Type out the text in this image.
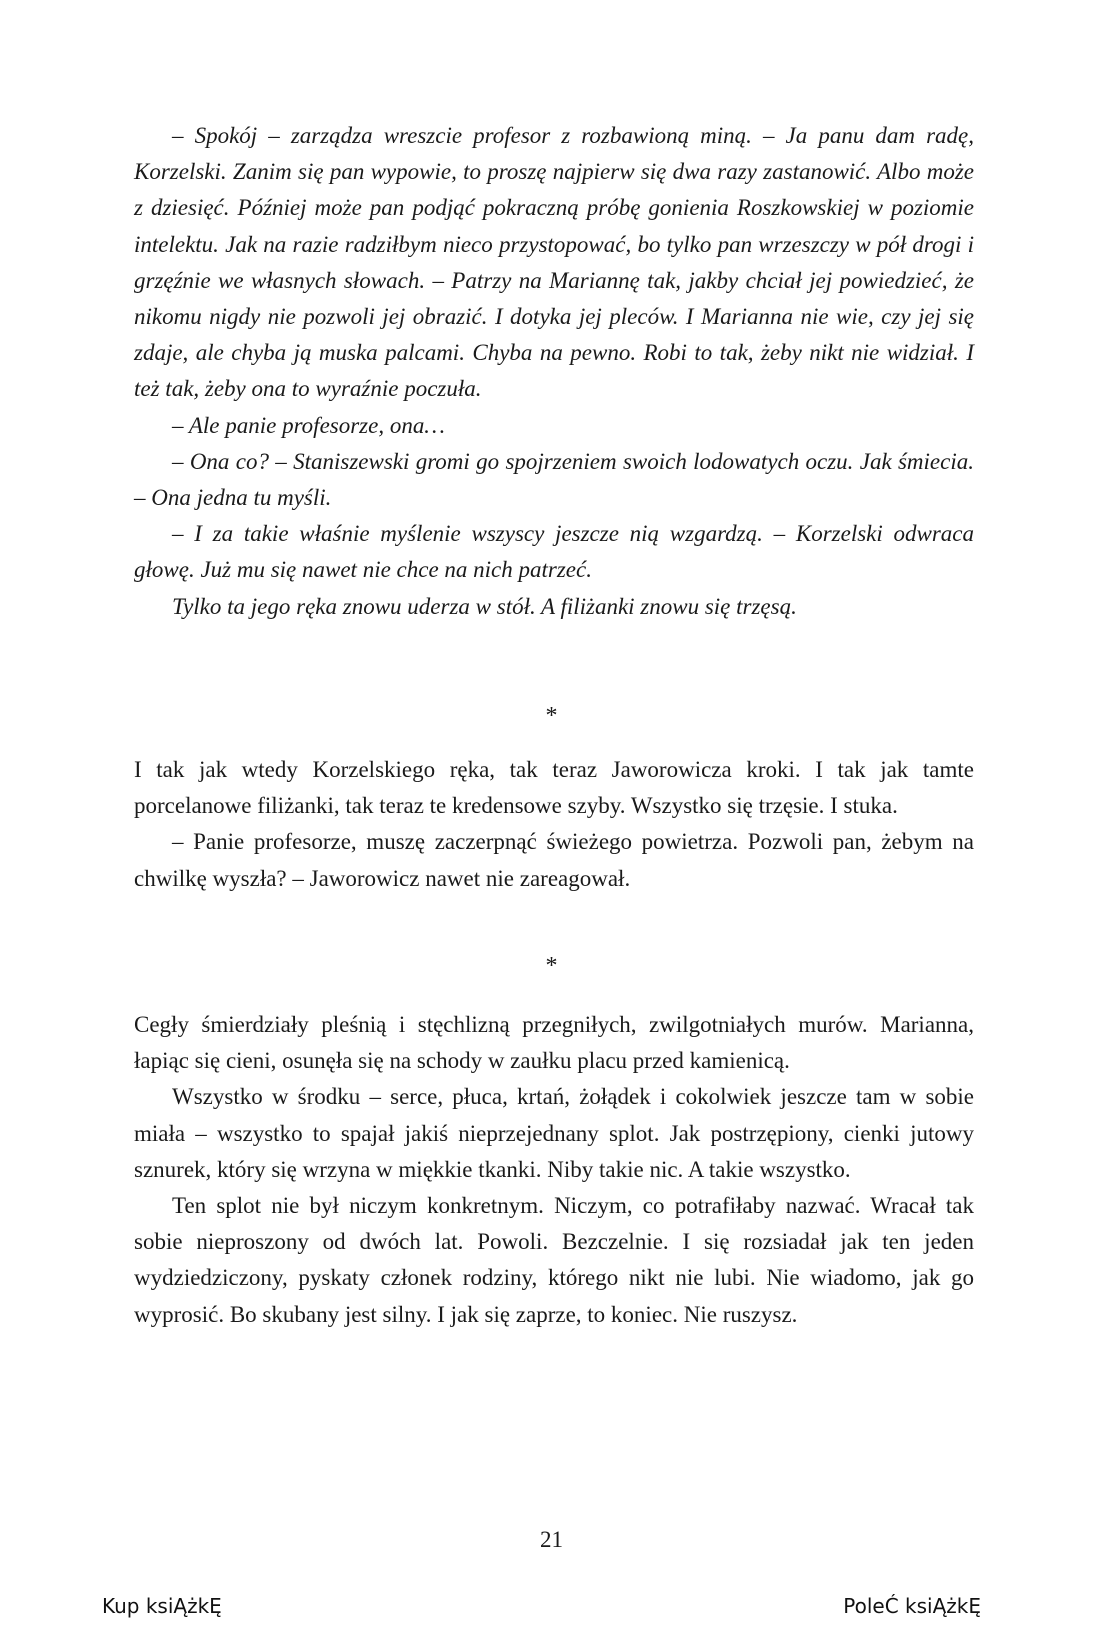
– Spokój – zarządza wreszcie profesor z rozbawioną miną. – Ja panu dam radę, Korzelski. Zanim się pan wypowie, to proszę najpierw się dwa razy zastanowić. Albo może z dziesięć. Później może pan podjąć pokraczną próbę gonienia Roszkowskiej w poziomie intelektu. Jak na razie radziłbym nieco przystopować, bo tylko pan wrzeszczy w pół drogi i grzęźnie we własnych słowach. – Patrzy na Mariannę tak, jakby chciał jej powiedzieć, że nikomu nigdy nie pozwoli jej obrazić. I dotyka jej pleców. I Marianna nie wie, czy jej się zdaje, ale chyba ją muska palcami. Chyba na pewno. Robi to tak, żeby nikt nie widział. I też tak, żeby ona to wyraźnie poczuła.

– Ale panie profesorze, ona…

– Ona co? – Staniszewski gromi go spojrzeniem swoich lodowatych oczu. Jak śmiecia. – Ona jedna tu myśli.

– I za takie właśnie myślenie wszyscy jeszcze nią wzgardzą. – Korzelski odwraca głowę. Już mu się nawet nie chce na nich patrzeć.

Tylko ta jego ręka znowu uderza w stół. A filiżanki znowu się trzęsą.

*

I tak jak wtedy Korzelskiego ręka, tak teraz Jaworowicza kroki. I tak jak tamte porcelanowe filiżanki, tak teraz te kredensowe szyby. Wszystko się trzęsie. I stuka.

– Panie profesorze, muszę zaczerpnąć świeżego powietrza. Pozwoli pan, żebym na chwilkę wyszła? – Jaworowicz nawet nie zareagował.

*

Cegły śmierdziały pleśnią i stęchlizną przegniłych, zwilgotniałych murów. Marianna, łapiąc się cieni, osunęła się na schody w zaułku placu przed kamienicą.

Wszystko w środku – serce, płuca, krtań, żołądek i cokolwiek jeszcze tam w sobie miała – wszystko to spajał jakiś nieprzejednany splot. Jak postrzępiony, cienki jutowy sznurek, który się wrzyna w miękkie tkanki. Niby takie nic. A takie wszystko.

Ten splot nie był niczym konkretnym. Niczym, co potrafiłaby nazwać. Wracał tak sobie nieproszony od dwóch lat. Powoli. Bezczelnie. I się rozsiadał jak ten jeden wydziedziczony, pyskaty członek rodziny, którego nikt nie lubi. Nie wiadomo, jak go wyprosić. Bo skubany jest silny. I jak się zaprze, to koniec. Nie ruszysz.

21
Kup ksiĄżkĘ	PoleĆ ksiĄżkĘ
